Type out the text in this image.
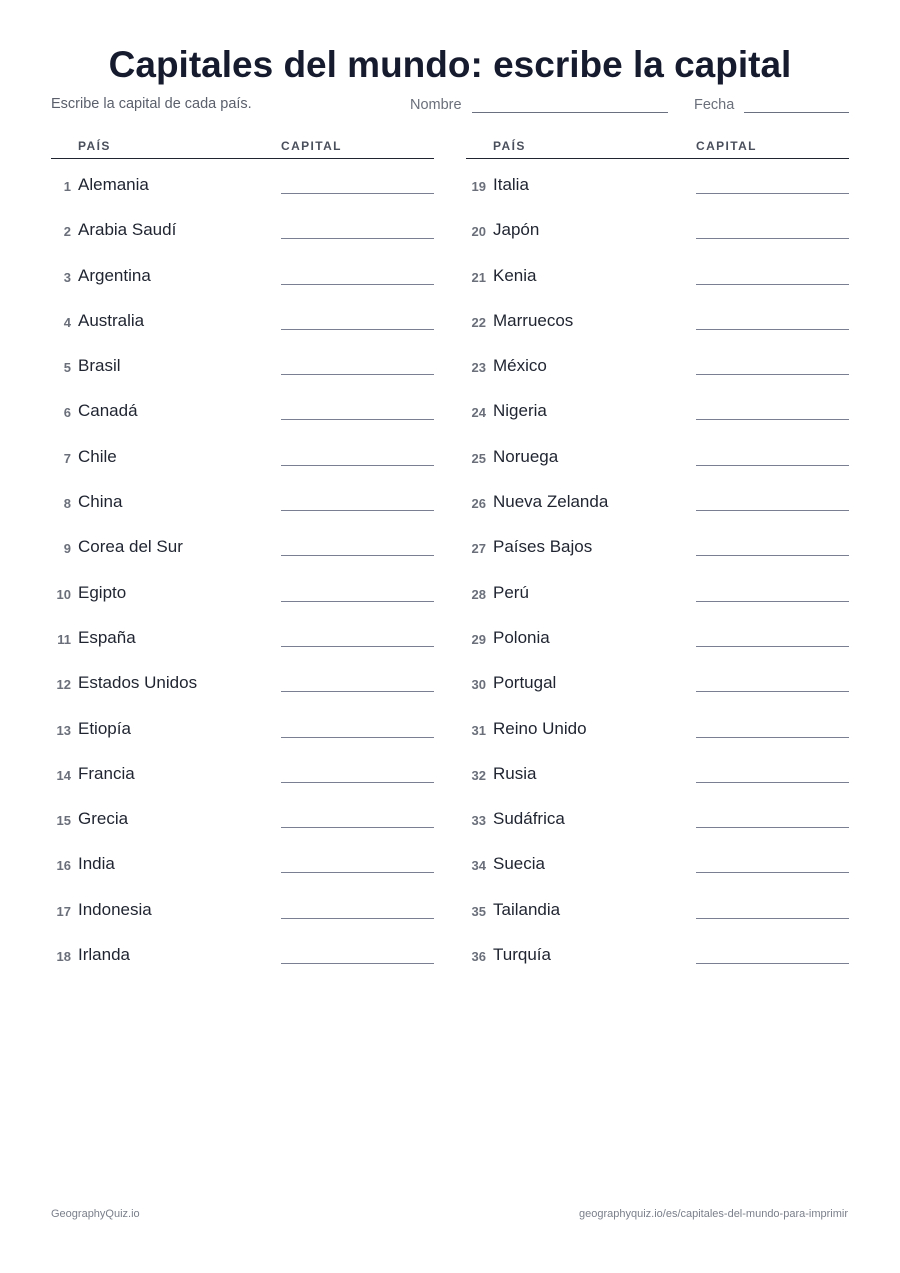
Capitales del mundo: escribe la capital
Escribe la capital de cada país.	Nombre	Fecha
PAÍS	CAPITAL
1 Alemania
2 Arabia Saudí
3 Argentina
4 Australia
5 Brasil
6 Canadá
7 Chile
8 China
9 Corea del Sur
10 Egipto
11 España
12 Estados Unidos
13 Etiopía
14 Francia
15 Grecia
16 India
17 Indonesia
18 Irlanda
PAÍS	CAPITAL
19 Italia
20 Japón
21 Kenia
22 Marruecos
23 México
24 Nigeria
25 Noruega
26 Nueva Zelanda
27 Países Bajos
28 Perú
29 Polonia
30 Portugal
31 Reino Unido
32 Rusia
33 Sudáfrica
34 Suecia
35 Tailandia
36 Turquía
GeographyQuiz.io	geographyquiz.io/es/capitales-del-mundo-para-imprimir
